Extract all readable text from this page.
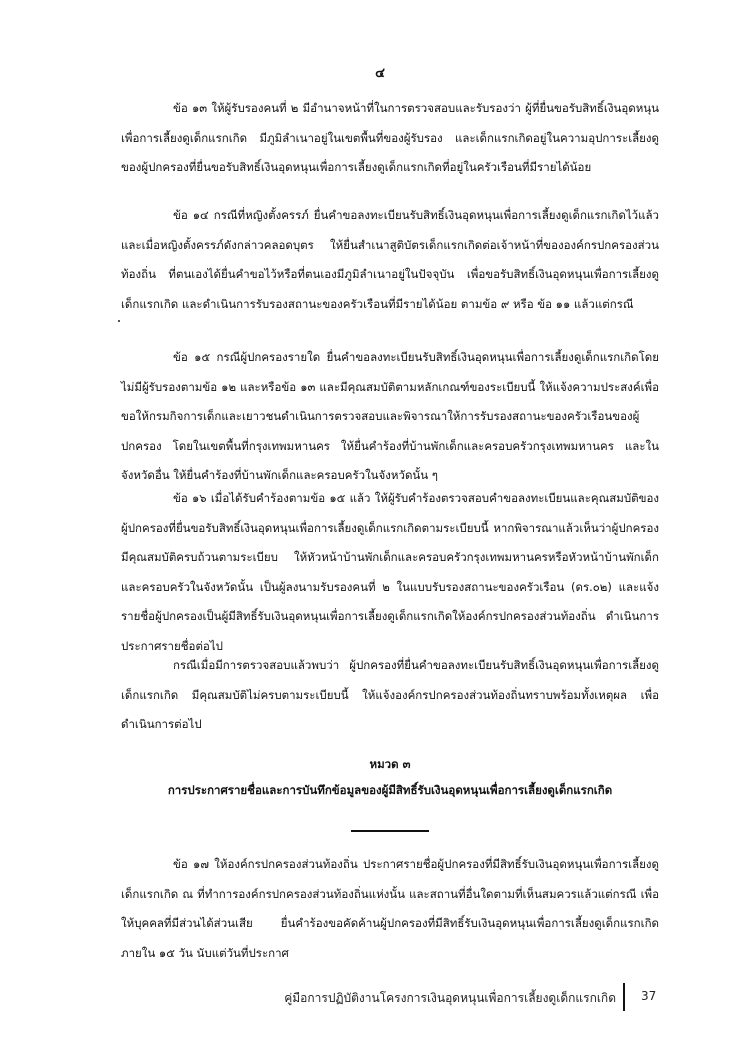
๔

ข้อ ๑๓ ให้ผู้รับรองคนที่ ๒ มีอำนาจหน้าที่ในการตรวจสอบและรับรองว่า ผู้ที่ยื่นขอรับสิทธิ์เงินอุดหนุนเพื่อการเลี้ยงดูเด็กแรกเกิด มีภูมิลำเนาอยู่ในเขตพื้นที่ของผู้รับรอง และเด็กแรกเกิดอยู่ในความอุปการะเลี้ยงดูของผู้ปกครองที่ยื่นขอรับสิทธิ์เงินอุดหนุนเพื่อการเลี้ยงดูเด็กแรกเกิดที่อยู่ในครัวเรือนที่มีรายได้น้อย

ข้อ ๑๔ กรณีที่หญิงตั้งครรภ์ ยื่นคำขอลงทะเบียนรับสิทธิ์เงินอุดหนุนเพื่อการเลี้ยงดูเด็กแรกเกิดไว้แล้ว และเมื่อหญิงตั้งครรภ์ดังกล่าวคลอดบุตร ให้ยื่นสำเนาสูติบัตรเด็กแรกเกิดต่อเจ้าหน้าที่ขององค์กรปกครองส่วนท้องถิ่น ที่ตนเองได้ยื่นคำขอไว้หรือที่ตนเองมีภูมิลำเนาอยู่ในปัจจุบัน เพื่อขอรับสิทธิ์เงินอุดหนุนเพื่อการเลี้ยงดูเด็กแรกเกิด และดำเนินการรับรองสถานะของครัวเรือนที่มีรายได้น้อย ตามข้อ ๙ หรือ ข้อ ๑๑ แล้วแต่กรณี

ข้อ ๑๕ กรณีผู้ปกครองรายใด ยื่นคำขอลงทะเบียนรับสิทธิ์เงินอุดหนุนเพื่อการเลี้ยงดูเด็กแรกเกิดโดยไม่มีผู้รับรองตามข้อ ๑๒ และหรือข้อ ๑๓ และมีคุณสมบัติตามหลักเกณฑ์ของระเบียบนี้ ให้แจ้งความประสงค์เพื่อขอให้กรมกิจการเด็กและเยาวชนดำเนินการตรวจสอบและพิจารณาให้การรับรองสถานะของครัวเรือนของผู้ปกครอง โดยในเขตพื้นที่กรุงเทพมหานคร ให้ยื่นคำร้องที่บ้านพักเด็กและครอบครัวกรุงเทพมหานคร และในจังหวัดอื่น ให้ยื่นคำร้องที่บ้านพักเด็กและครอบครัวในจังหวัดนั้น ๆ

ข้อ ๑๖ เมื่อได้รับคำร้องตามข้อ ๑๕ แล้ว ให้ผู้รับคำร้องตรวจสอบคำขอลงทะเบียนและคุณสมบัติของผู้ปกครองที่ยื่นขอรับสิทธิ์เงินอุดหนุนเพื่อการเลี้ยงดูเด็กแรกเกิดตามระเบียบนี้ หากพิจารณาแล้วเห็นว่าผู้ปกครองมีคุณสมบัติครบถ้วนตามระเบียบ ให้หัวหน้าบ้านพักเด็กและครอบครัวกรุงเทพมหานครหรือหัวหน้าบ้านพักเด็กและครอบครัวในจังหวัดนั้น เป็นผู้ลงนามรับรองคนที่ ๒ ในแบบรับรองสถานะของครัวเรือน (ดร.๐๒) และแจ้งรายชื่อผู้ปกครองเป็นผู้มีสิทธิ์รับเงินอุดหนุนเพื่อการเลี้ยงดูเด็กแรกเกิดให้องค์กรปกครองส่วนท้องถิ่น ดำเนินการประกาศรายชื่อต่อไป

กรณีเมื่อมีการตรวจสอบแล้วพบว่า ผู้ปกครองที่ยื่นคำขอลงทะเบียนรับสิทธิ์เงินอุดหนุนเพื่อการเลี้ยงดูเด็กแรกเกิด มีคุณสมบัติไม่ครบตามระเบียบนี้ ให้แจ้งองค์กรปกครองส่วนท้องถิ่นทราบพร้อมทั้งเหตุผล เพื่อดำเนินการต่อไป

หมวด ๓

การประกาศรายชื่อและการบันทึกข้อมูลของผู้มีสิทธิ์รับเงินอุดหนุนเพื่อการเลี้ยงดูเด็กแรกเกิด

ข้อ ๑๗ ให้องค์กรปกครองส่วนท้องถิ่น ประกาศรายชื่อผู้ปกครองที่มีสิทธิ์รับเงินอุดหนุนเพื่อการเลี้ยงดูเด็กแรกเกิด ณ ที่ทำการองค์กรปกครองส่วนท้องถิ่นแห่งนั้น และสถานที่อื่นใดตามที่เห็นสมควรแล้วแต่กรณี เพื่อให้บุคคลที่มีส่วนได้ส่วนเสีย ยื่นคำร้องขอคัดค้านผู้ปกครองที่มีสิทธิ์รับเงินอุดหนุนเพื่อการเลี้ยงดูเด็กแรกเกิด ภายใน ๑๕ วัน นับแต่วันที่ประกาศ

คู่มือการปฏิบัติงานโครงการเงินอุดหนุนเพื่อการเลี้ยงดูเด็กแรกเกิด 37
